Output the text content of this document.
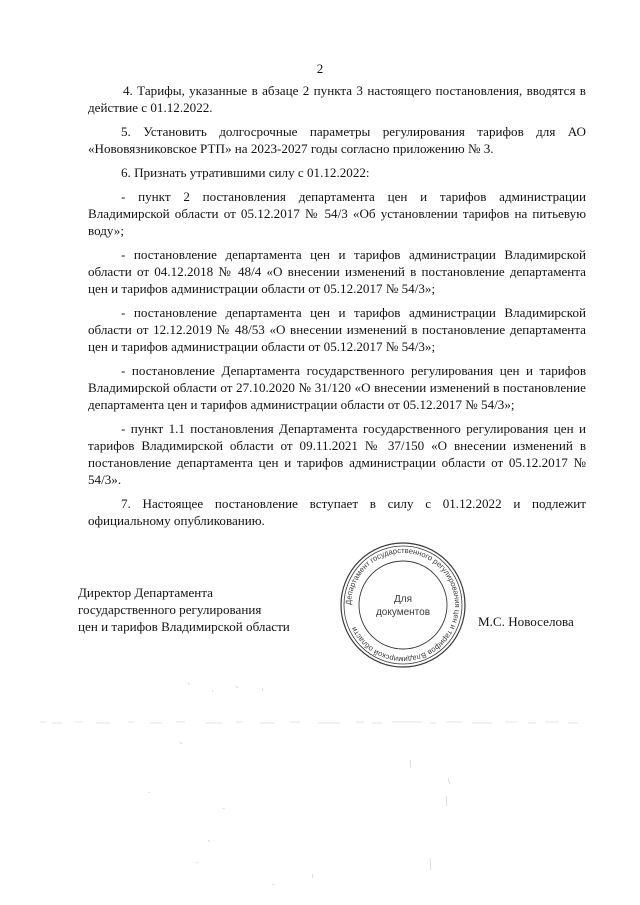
2

4. Тарифы, указанные в абзаце 2 пункта 3 настоящего постановления, вводятся в действие с 01.12.2022.

5. Установить долгосрочные параметры регулирования тарифов для АО «Нововязниковское РТП» на 2023-2027 годы согласно приложению № 3.

6. Признать утратившими силу с 01.12.2022:

- пункт 2 постановления департамента цен и тарифов администрации Владимирской области от 05.12.2017 № 54/3 «Об установлении тарифов на питьевую воду»;

- постановление департамента цен и тарифов администрации Владимирской области от 04.12.2018 № 48/4 «О внесении изменений в постановление департамента цен и тарифов администрации области от 05.12.2017 № 54/3»;

- постановление департамента цен и тарифов администрации Владимирской области от 12.12.2019 № 48/53 «О внесении изменений в постановление департамента цен и тарифов администрации области от 05.12.2017 № 54/3»;

- постановление Департамента государственного регулирования цен и тарифов Владимирской области от 27.10.2020 № 31/120 «О внесении изменений в постановление департамента цен и тарифов администрации области от 05.12.2017 № 54/3»;

- пункт 1.1 постановления Департамента государственного регулирования цен и тарифов Владимирской области от 09.11.2021 № 37/150 «О внесении изменений в постановление департамента цен и тарифов администрации области от 05.12.2017 № 54/3».

7. Настоящее постановление вступает в силу с 01.12.2022 и подлежит официальному опубликованию.

Директор Департамента
государственного регулирования
цен и тарифов Владимирской области	М.С. Новоселова
Департамент государственного регулирования цен и тарифов Владимирской области
Для
документов
